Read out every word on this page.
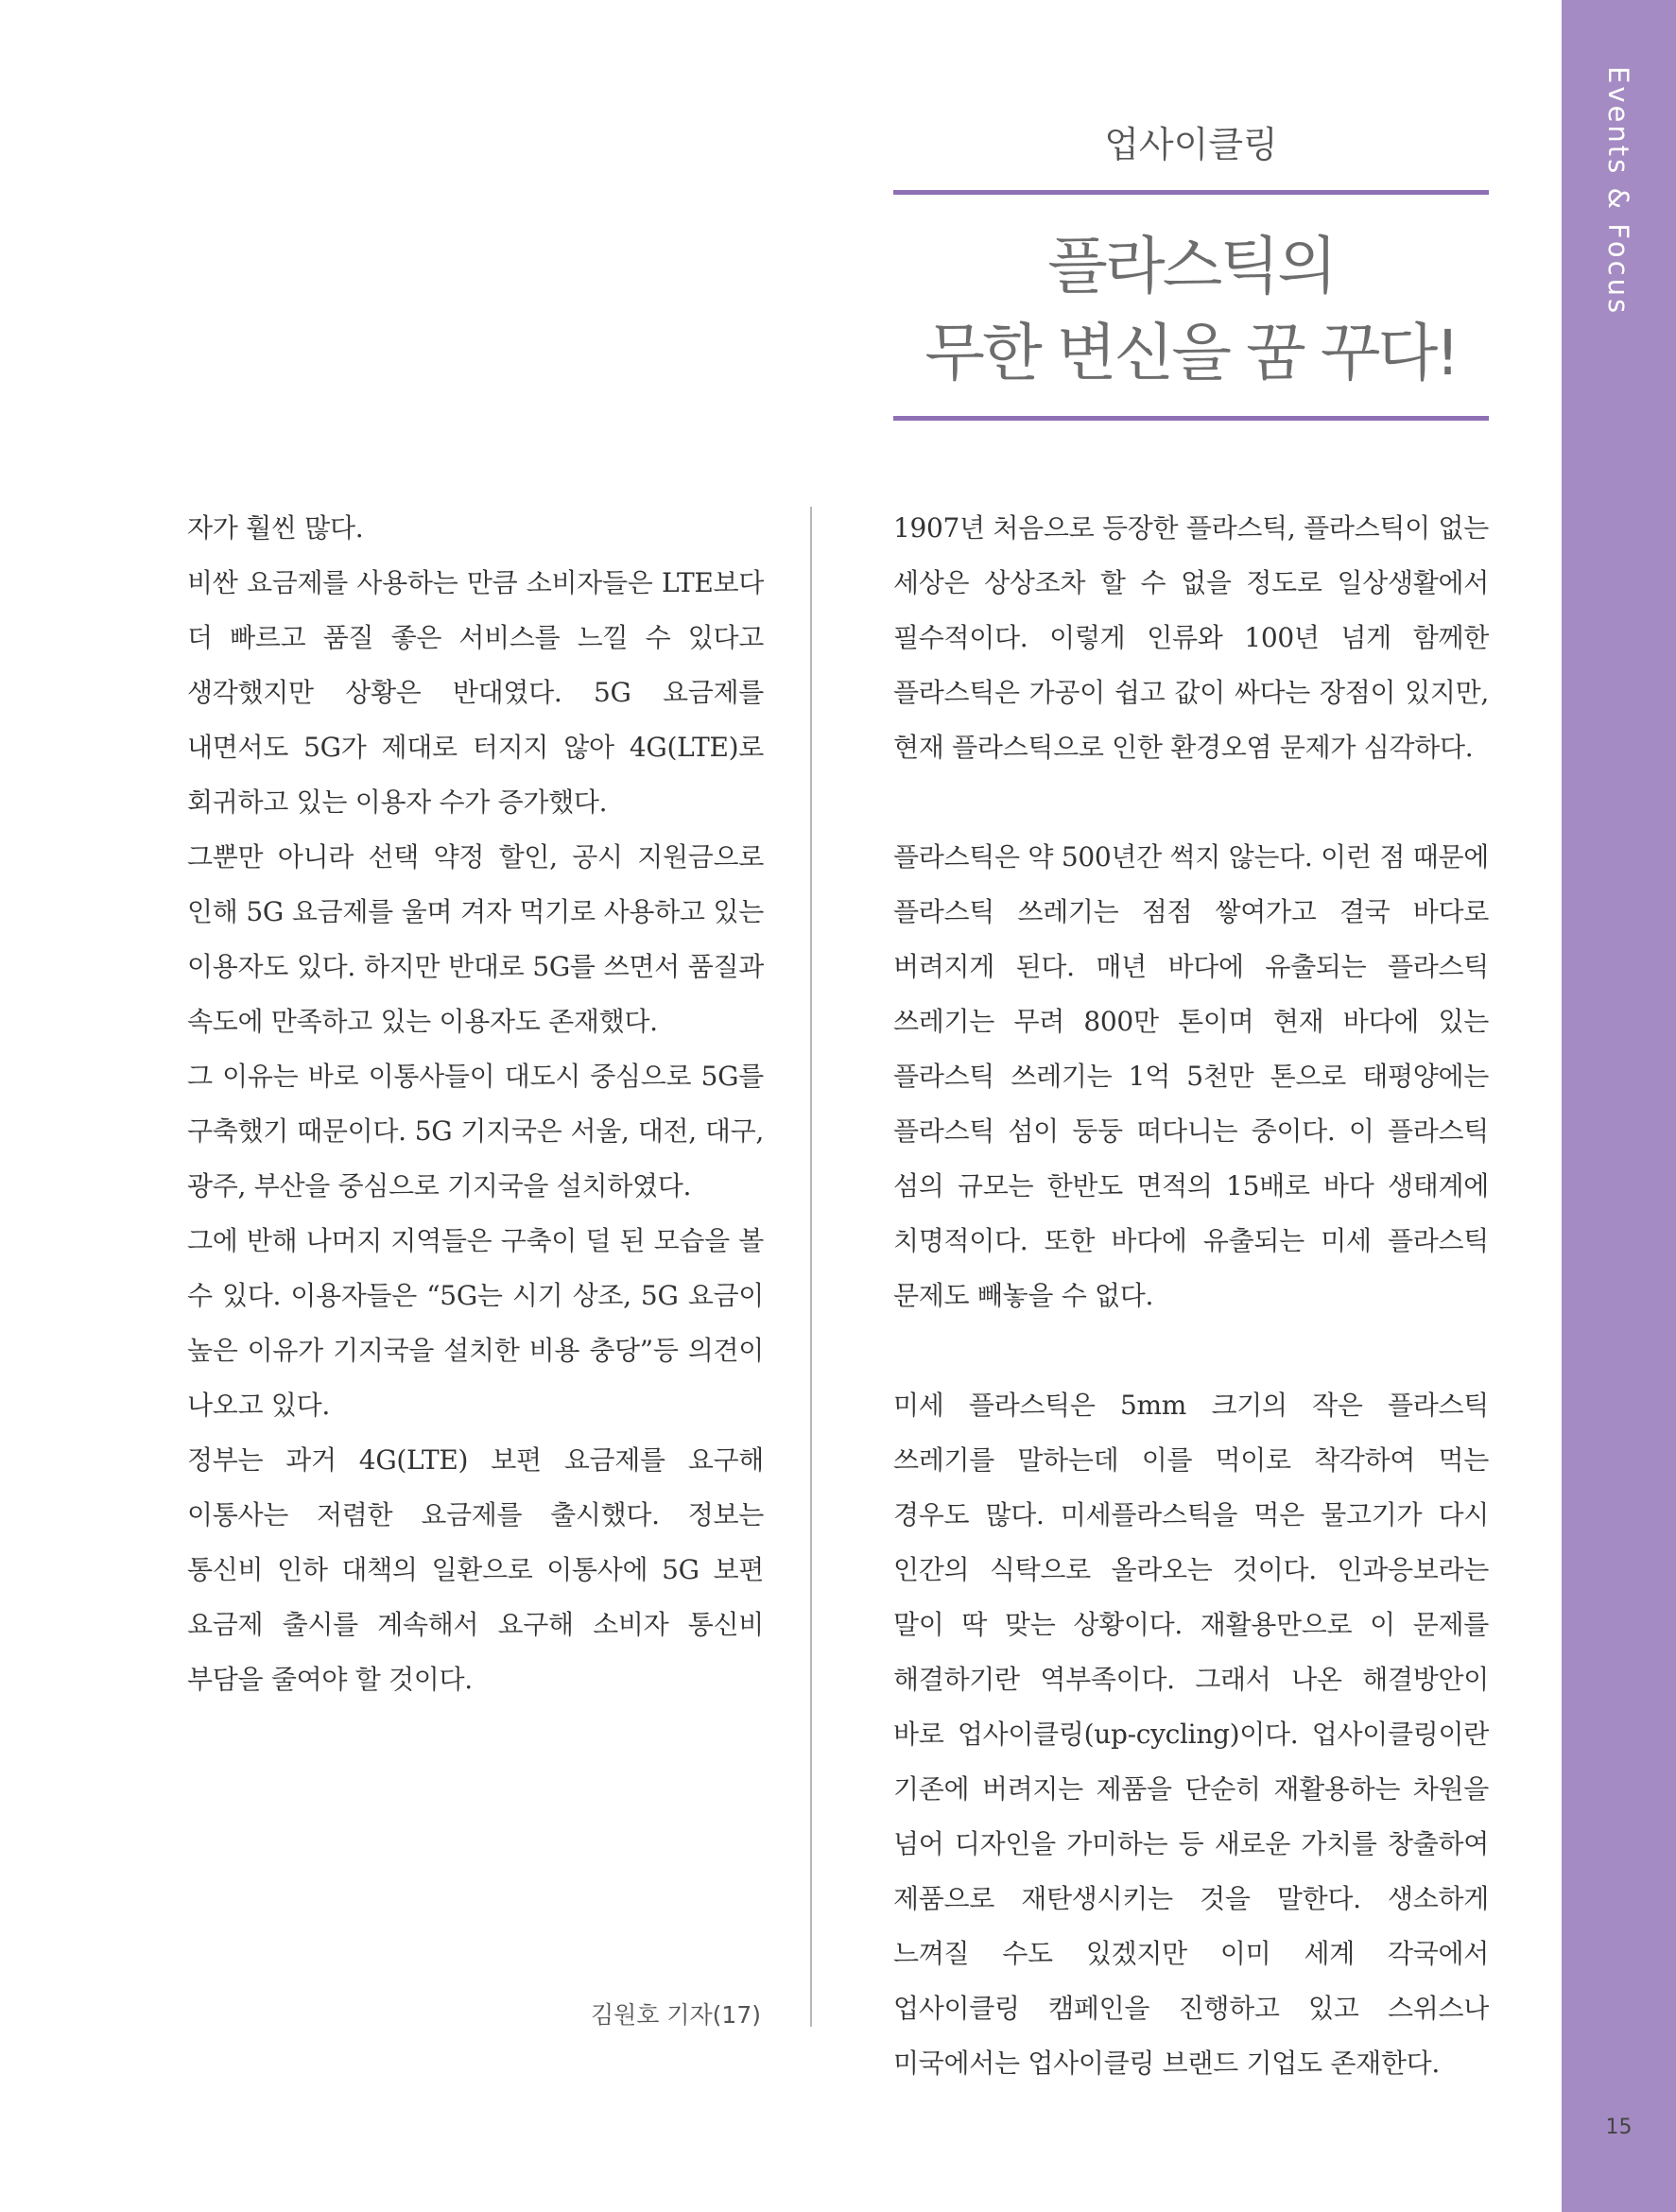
Events & Focus
15
업사이클링
플라스틱의
무한 변신을 꿈 꾸다!

자가 훨씬 많다.

비싼 요금제를 사용하는 만큼 소비자들은 LTE보다 더 빠르고 품질 좋은 서비스를 느낄 수 있다고 생각했지만 상황은 반대였다. 5G 요금제를 내면서도 5G가 제대로 터지지 않아 4G(LTE)로 회귀하고 있는 이용자 수가 증가했다.

그뿐만 아니라 선택 약정 할인, 공시 지원금으로 인해 5G 요금제를 울며 겨자 먹기로 사용하고 있는 이용자도 있다. 하지만 반대로 5G를 쓰면서 품질과 속도에 만족하고 있는 이용자도 존재했다.

그 이유는 바로 이통사들이 대도시 중심으로 5G를 구축했기 때문이다. 5G 기지국은 서울, 대전, 대구, 광주, 부산을 중심으로 기지국을 설치하였다.

그에 반해 나머지 지역들은 구축이 덜 된 모습을 볼 수 있다. 이용자들은 “5G는 시기 상조, 5G 요금이 높은 이유가 기지국을 설치한 비용 충당”등 의견이 나오고 있다.

정부는 과거 4G(LTE) 보편 요금제를 요구해 이통사는 저렴한 요금제를 출시했다. 정보는 통신비 인하 대책의 일환으로 이통사에 5G 보편 요금제 출시를 계속해서 요구해 소비자 통신비 부담을 줄여야 할 것이다.

김원호 기자(17)

1907년 처음으로 등장한 플라스틱, 플라스틱이 없는 세상은 상상조차 할 수 없을 정도로 일상생활에서 필수적이다. 이렇게 인류와 100년 넘게 함께한 플라스틱은 가공이 쉽고 값이 싸다는 장점이 있지만, 현재 플라스틱으로 인한 환경오염 문제가 심각하다.

플라스틱은 약 500년간 썩지 않는다. 이런 점 때문에 플라스틱 쓰레기는 점점 쌓여가고 결국 바다로 버려지게 된다. 매년 바다에 유출되는 플라스틱 쓰레기는 무려 800만 톤이며 현재 바다에 있는 플라스틱 쓰레기는 1억 5천만 톤으로 태평양에는 플라스틱 섬이 둥둥 떠다니는 중이다. 이 플라스틱 섬의 규모는 한반도 면적의 15배로 바다 생태계에 치명적이다. 또한 바다에 유출되는 미세 플라스틱 문제도 빼놓을 수 없다.

미세 플라스틱은 5mm 크기의 작은 플라스틱 쓰레기를 말하는데 이를 먹이로 착각하여 먹는 경우도 많다. 미세플라스틱을 먹은 물고기가 다시 인간의 식탁으로 올라오는 것이다. 인과응보라는 말이 딱 맞는 상황이다. 재활용만으로 이 문제를 해결하기란 역부족이다. 그래서 나온 해결방안이 바로 업사이클링(up-cycling)이다. 업사이클링이란 기존에 버려지는 제품을 단순히 재활용하는 차원을 넘어 디자인을 가미하는 등 새로운 가치를 창출하여 제품으로 재탄생시키는 것을 말한다. 생소하게 느껴질 수도 있겠지만 이미 세계 각국에서 업사이클링 캠페인을 진행하고 있고 스위스나 미국에서는 업사이클링 브랜드 기업도 존재한다.
